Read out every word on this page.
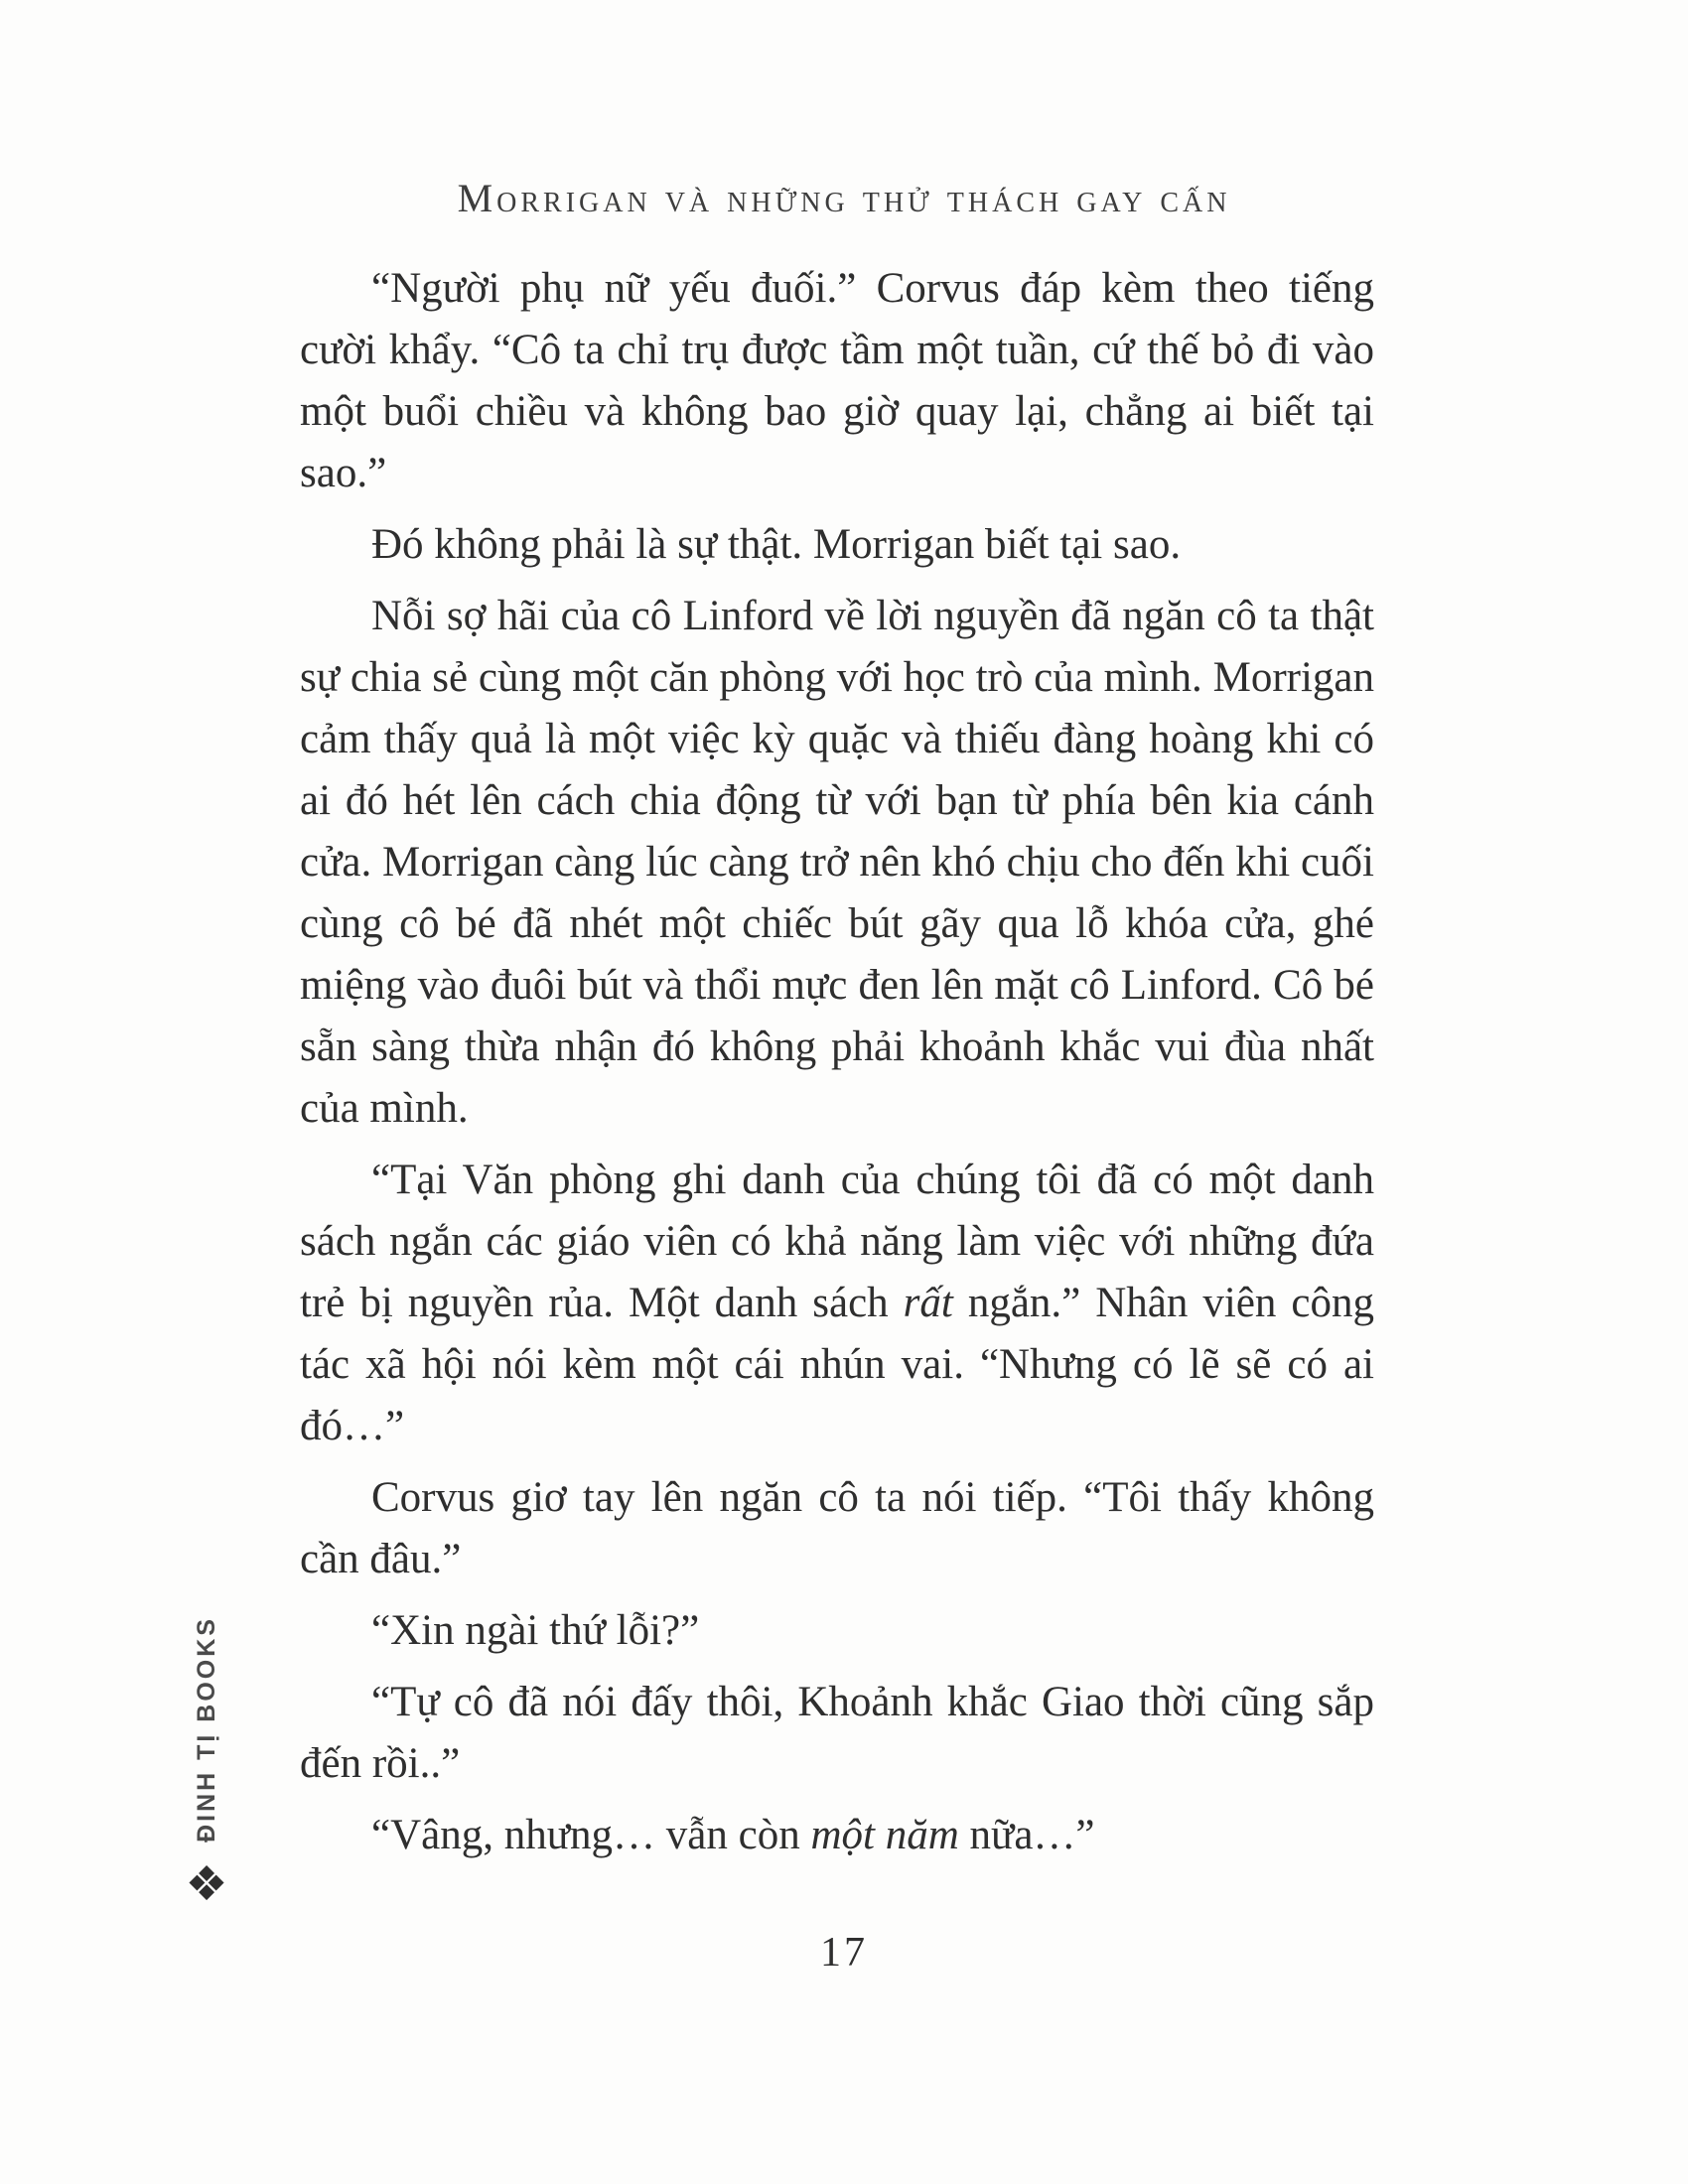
Morrigan và những thử thách gay cấn

“Người phụ nữ yếu đuối.” Corvus đáp kèm theo tiếng cười khẩy. “Cô ta chỉ trụ được tầm một tuần, cứ thế bỏ đi vào một buổi chiều và không bao giờ quay lại, chẳng ai biết tại sao.”

Đó không phải là sự thật. Morrigan biết tại sao.

Nỗi sợ hãi của cô Linford về lời nguyền đã ngăn cô ta thật sự chia sẻ cùng một căn phòng với học trò của mình. Morrigan cảm thấy quả là một việc kỳ quặc và thiếu đàng hoàng khi có ai đó hét lên cách chia động từ với bạn từ phía bên kia cánh cửa. Morrigan càng lúc càng trở nên khó chịu cho đến khi cuối cùng cô bé đã nhét một chiếc bút gãy qua lỗ khóa cửa, ghé miệng vào đuôi bút và thổi mực đen lên mặt cô Linford. Cô bé sẵn sàng thừa nhận đó không phải khoảnh khắc vui đùa nhất của mình.

“Tại Văn phòng ghi danh của chúng tôi đã có một danh sách ngắn các giáo viên có khả năng làm việc với những đứa trẻ bị nguyền rủa. Một danh sách rất ngắn.” Nhân viên công tác xã hội nói kèm một cái nhún vai. “Nhưng có lẽ sẽ có ai đó…”

Corvus giơ tay lên ngăn cô ta nói tiếp. “Tôi thấy không cần đâu.”

“Xin ngài thứ lỗi?”

“Tự cô đã nói đấy thôi, Khoảnh khắc Giao thời cũng sắp đến rồi..”

“Vâng, nhưng… vẫn còn một năm nữa…”

ĐINH TỊ BOOKS
❖
17
